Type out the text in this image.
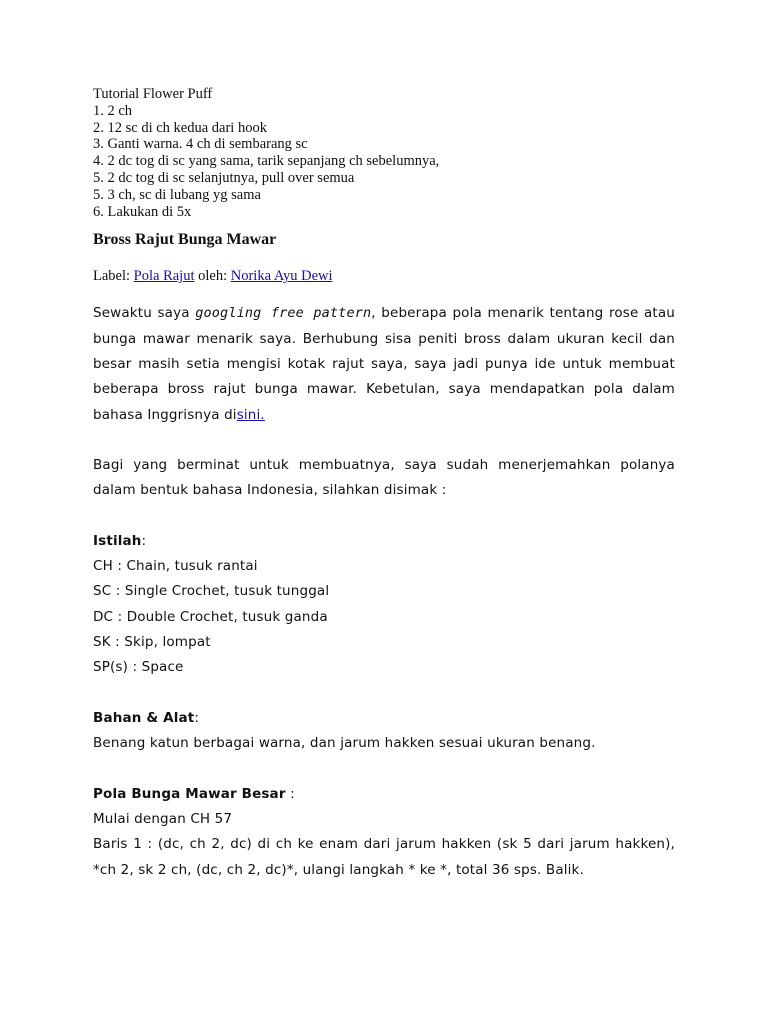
Tutorial Flower Puff
1. 2 ch
2. 12 sc di ch kedua dari hook
3. Ganti warna. 4 ch di sembarang sc
4. 2 dc tog di sc yang sama, tarik sepanjang ch sebelumnya,
5. 2 dc tog di sc selanjutnya, pull over semua
5. 3 ch, sc di lubang yg sama
6. Lakukan di 5x
Bross Rajut Bunga Mawar
Label: Pola Rajut oleh: Norika Ayu Dewi
Sewaktu saya googling free pattern, beberapa pola menarik tentang rose atau bunga mawar menarik saya. Berhubung sisa peniti bross dalam ukuran kecil dan besar masih setia mengisi kotak rajut saya, saya jadi punya ide untuk membuat beberapa bross rajut bunga mawar. Kebetulan, saya mendapatkan pola dalam bahasa Inggrisnya disini.
Bagi yang berminat untuk membuatnya, saya sudah menerjemahkan polanya dalam bentuk bahasa Indonesia, silahkan disimak :
Istilah:
CH : Chain, tusuk rantai
SC : Single Crochet, tusuk tunggal
DC : Double Crochet, tusuk ganda
SK : Skip, lompat
SP(s) : Space
Bahan & Alat:
Benang katun berbagai warna, dan jarum hakken sesuai ukuran benang.
Pola Bunga Mawar Besar :
Mulai dengan CH 57
Baris 1 : (dc, ch 2, dc) di ch ke enam dari jarum hakken (sk 5 dari jarum hakken), *ch 2, sk 2 ch, (dc, ch 2, dc)*, ulangi langkah * ke *, total 36 sps. Balik.
